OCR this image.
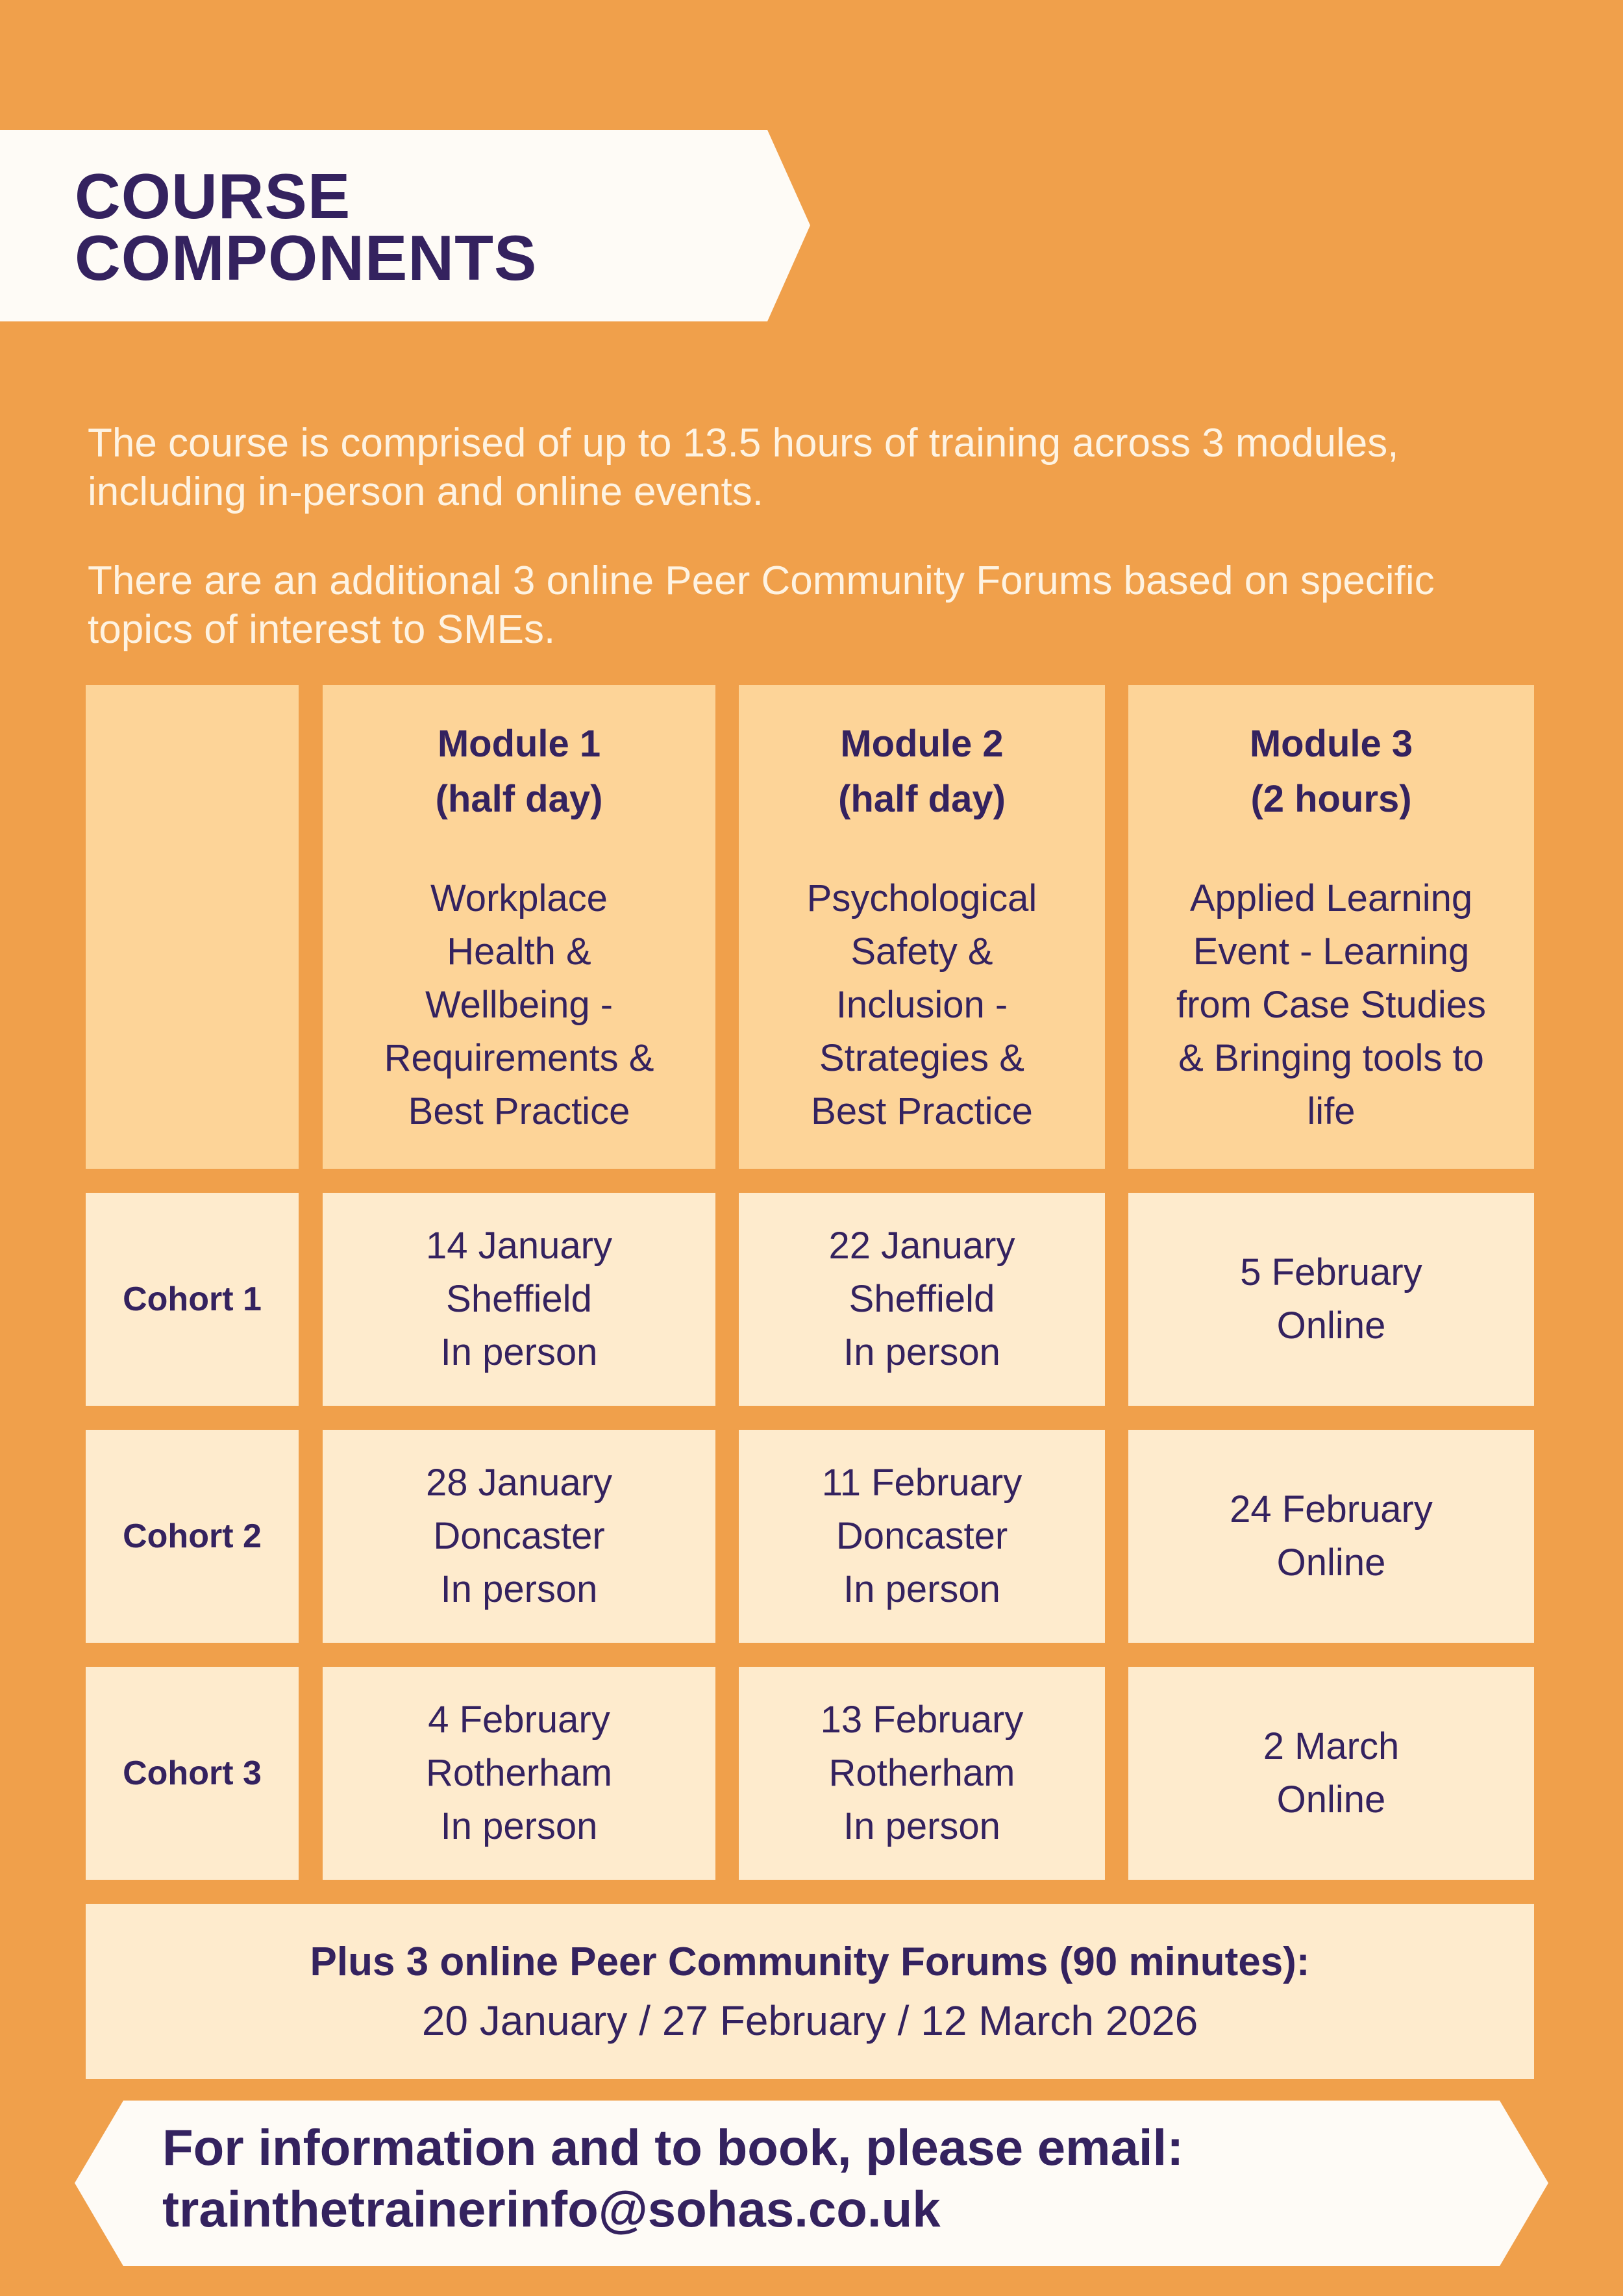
COURSE
COMPONENTS

The course is comprised of up to 13.5 hours of training across 3 modules, including in-person and online events.

There are an additional 3 online Peer Community Forums based on specific topics of interest to SMEs.

Module 1
(half day)
Workplace
Health &
Wellbeing -
Requirements &
Best Practice
Module 2
(half day)
Psychological
Safety &
Inclusion -
Strategies &
Best Practice
Module 3
(2 hours)
Applied Learning
Event - Learning
from Case Studies
& Bringing tools to
life
Cohort 1
14 January
Sheffield
In person
22 January
Sheffield
In person
5 February
Online
Cohort 2
28 January
Doncaster
In person
11 February
Doncaster
In person
24 February
Online
Cohort 3
4 February
Rotherham
In person
13 February
Rotherham
In person
2 March
Online
Plus 3 online Peer Community Forums (90 minutes):
20 January / 27 February / 12 March 2026

For information and to book, please email:
trainthetrainerinfo@sohas.co.uk
